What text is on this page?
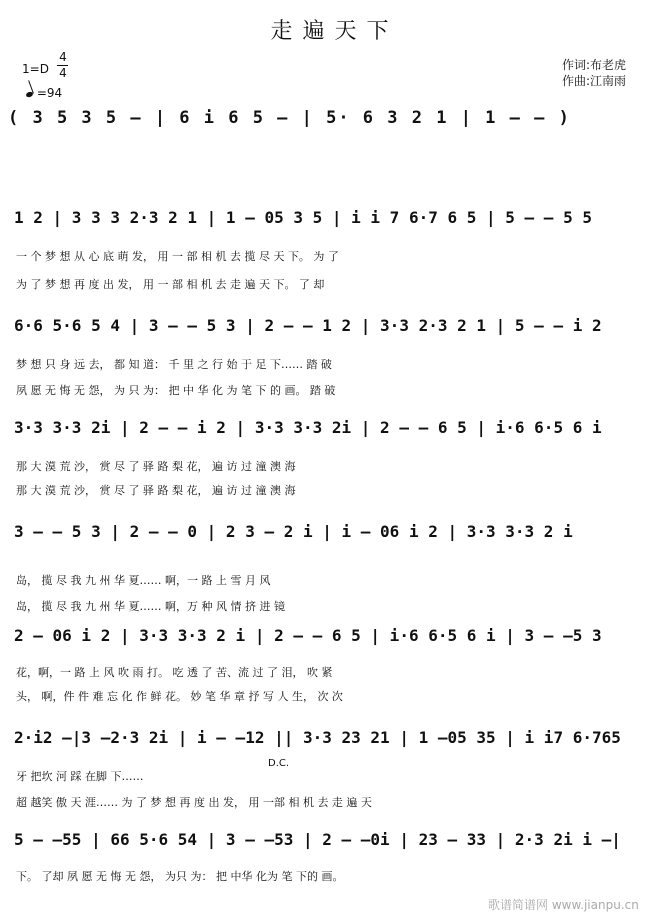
走遍天下
1=D
4
4
=94
作词:布老虎
作曲:江南雨
( 3 5 3 5 – | 6 i 6 5 – | 5· 6 3 2 1 | 1 – – )
1 2 | 3 3 3 2·3 2 1 | 1 – 05 3 5 | i i 7 6·7 6 5 | 5 – – 5 5
一 个 梦 想 从 心 底 萌 发， 用 一 部 相 机 去 揽 尽 天 下。 为 了
为 了 梦 想 再 度 出 发， 用 一 部 相 机 去 走 遍 天 下。 了 却
6·6 5·6 5 4 | 3 – – 5 3 | 2 – – 1 2 | 3·3 2·3 2 1 | 5 – – i 2
梦 想 只 身 远 去， 都 知 道： 千 里 之 行 始 于 足 下…… 踏 破
夙 愿 无 悔 无 怨， 为 只 为： 把 中 华 化 为 笔 下 的 画。 踏 破
3·3 3·3 2i | 2 – – i 2 | 3·3 3·3 2i | 2 – – 6 5 | i·6 6·5 6 i
那 大 漠 荒 沙， 赏 尽 了 驿 路 梨 花， 遍 访 过 潼 澳 海
那 大 漠 荒 沙， 赏 尽 了 驿 路 梨 花， 遍 访 过 潼 澳 海
3 – – 5 3 | 2 – – 0 | 2 3 – 2 i | i – 06 i 2 | 3·3 3·3 2 i
岛， 揽 尽 我 九 州 华 夏…… 啊，一 路 上 雪 月 风
岛， 揽 尽 我 九 州 华 夏…… 啊，万 种 风 情 挤 进 镜
2 – 06 i 2 | 3·3 3·3 2 i | 2 – – 6 5 | i·6 6·5 6 i | 3 – –5 3
花，啊，一 路 上 风 吹 雨 打。 吃 透 了 苦、流 过 了 泪， 吹 紧
头， 啊，件 件 难 忘 化 作 鲜 花。 妙 笔 华 章 抒 写 人 生， 次 次
2·i2 –|3 –2·3 2i | i – –12 || 3·3 23 21 | 1 –05 35 | i i7 6·765
D.C.
牙 把坎 河 踩 在脚 下……
超 越笑 傲 天 涯…… 为 了 梦 想 再 度 出 发， 用 一部 相 机 去 走 遍 天
5 – –55 | 66 5·6 54 | 3 – –53 | 2 – –0i | 23 – 33 | 2·3 2i i –|
下。 了却 夙 愿 无 悔 无 怨， 为只 为： 把 中华 化为 笔 下的 画。
歌谱简谱网 www.jianpu.cn
